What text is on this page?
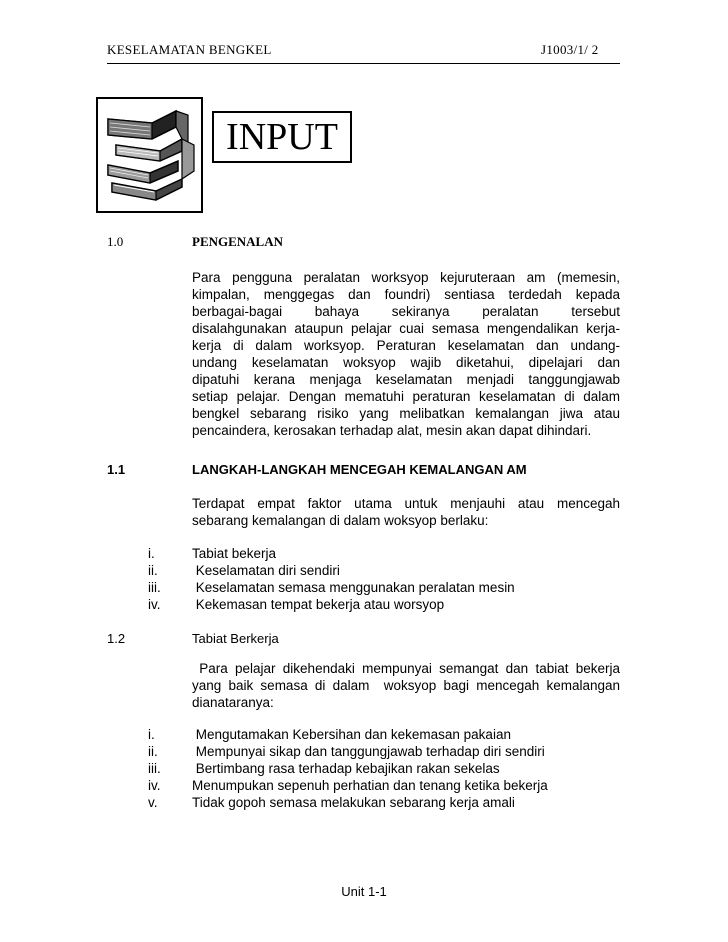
KESELAMATAN BENGKEL	J1003/1/ 2
INPUT
1.0	PENGENALAN
Para pengguna peralatan worksyop kejuruteraan am (memesin,
kimpalan, menggegas dan foundri) sentiasa terdedah kepada
berbagai-bagai bahaya sekiranya peralatan tersebut
disalahgunakan ataupun pelajar cuai semasa mengendalikan kerja-
kerja di dalam worksyop. Peraturan keselamatan dan undang-
undang keselamatan woksyop wajib diketahui, dipelajari dan
dipatuhi kerana menjaga keselamatan menjadi tanggungjawab
setiap pelajar. Dengan mematuhi peraturan keselamatan di dalam
bengkel sebarang risiko yang melibatkan kemalangan jiwa atau
pencaindera, kerosakan terhadap alat, mesin akan dapat dihindari.
1.1	LANGKAH-LANGKAH MENCEGAH KEMALANGAN AM
Terdapat empat faktor utama untuk menjauhi atau mencegah
sebarang kemalangan di dalam woksyop berlaku:
i.	Tabiat bekerja
ii.	Keselamatan diri sendiri
iii. Keselamatan semasa menggunakan peralatan mesin
iv. Kekemasan tempat bekerja atau worsyop
1.2	Tabiat Berkerja
Para pelajar dikehendaki mempunyai semangat dan tabiat bekerja
yang baik semasa di dalam  woksyop bagi mencegah kemalangan
dianataranya:
i.	Mengutamakan Kebersihan dan kekemasan pakaian
ii.	Mempunyai sikap dan tanggungjawab terhadap diri sendiri
iii. Bertimbang rasa terhadap kebajikan rakan sekelas
iv. Menumpukan sepenuh perhatian dan tenang ketika bekerja
v.	Tidak gopoh semasa melakukan sebarang kerja amali
Unit 1-1
